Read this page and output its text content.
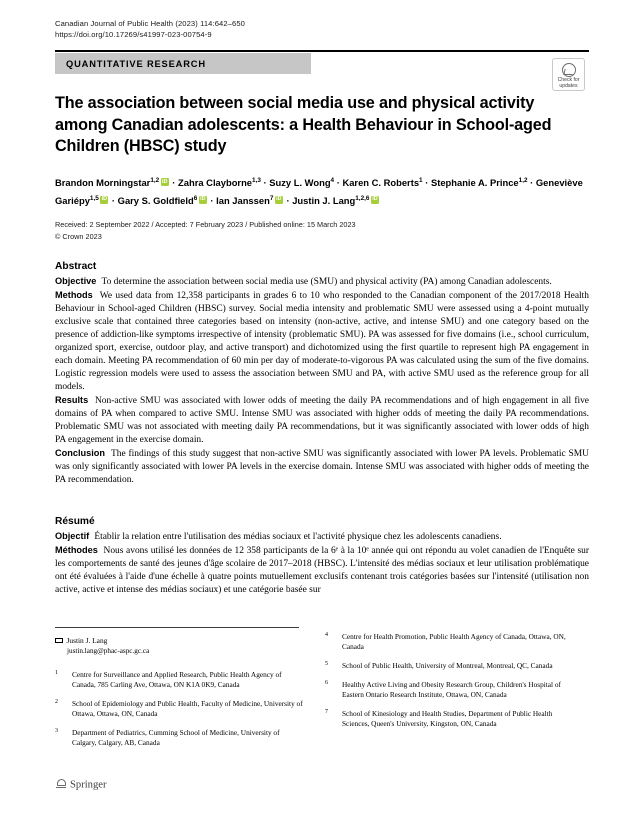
Canadian Journal of Public Health (2023) 114:642–650
https://doi.org/10.17269/s41997-023-00754-9
QUANTITATIVE RESEARCH
Check for
updates
The association between social media use and physical activity among Canadian adolescents: a Health Behaviour in School-aged Children (HBSC) study
Brandon Morningstar$^{1,2}$iD · Zahra Clayborne$^{1,3}$ · Suzy L. Wong$^4$ · Karen C. Roberts$^1$ · Stephanie A. Prince$^{1,2}$ · Geneviève Gariépy$^{1,5}$iD · Gary S. Goldfield$^6$iD · Ian Janssen$^7$iD · Justin J. Lang$^{1,2,6}$iD
Received: 2 September 2022 / Accepted: 7 February 2023 / Published online: 15 March 2023
© Crown 2023
Abstract

Objective To determine the association between social media use (SMU) and physical activity (PA) among Canadian adolescents.

Methods We used data from 12,358 participants in grades 6 to 10 who responded to the Canadian component of the 2017/2018 Health Behaviour in School-aged Children (HBSC) survey. Social media intensity and problematic SMU were assessed using a 4-point mutually exclusive scale that contained three categories based on intensity (non-active, active, and intense SMU) and one category based on the presence of addiction-like symptoms irrespective of intensity (problematic SMU). PA was assessed for five domains (i.e., school curriculum, organized sport, exercise, outdoor play, and active transport) and dichotomized using the first quartile to represent high PA engagement in each domain. Meeting PA recommendation of 60 min per day of moderate-to-vigorous PA was calculated using the sum of the five domains. Logistic regression models were used to assess the association between SMU and PA, with active SMU used as the reference group for all models.

Results Non-active SMU was associated with lower odds of meeting the daily PA recommendations and of high engagement in all five domains of PA when compared to active SMU. Intense SMU was associated with higher odds of meeting the daily PA recommendations. Problematic SMU was not associated with meeting daily PA recommendations, but it was significantly associated with lower odds of high PA engagement in the exercise domain.

Conclusion The findings of this study suggest that non-active SMU was significantly associated with lower PA levels. Problematic SMU was only significantly associated with lower PA levels in the exercise domain. Intense SMU was associated with higher odds of meeting the PA recommendation.

Résumé

Objectif Établir la relation entre l'utilisation des médias sociaux et l'activité physique chez les adolescents canadiens.

Méthodes Nous avons utilisé les données de 12 358 participants de la 6ᵉ à la 10ᵉ année qui ont répondu au volet canadien de l'Enquête sur les comportements de santé des jeunes d'âge scolaire de 2017–2018 (HBSC). L'intensité des médias sociaux et leur utilisation problématique ont été évaluées à l'aide d'une échelle à quatre points mutuellement exclusifs contenant trois catégories basées sur l'intensité (utilisation non active, active et intense des médias sociaux) et une catégorie basée sur

Justin J. Lang
justin.lang@phac-aspc.gc.ca
1 Centre for Surveillance and Applied Research, Public Health Agency of Canada, 785 Carling Ave, Ottawa, ON K1A 0K9, Canada
2 School of Epidemiology and Public Health, Faculty of Medicine, University of Ottawa, Ottawa, ON, Canada
3 Department of Pediatrics, Cumming School of Medicine, University of Calgary, Calgary, AB, Canada
4 Centre for Health Promotion, Public Health Agency of Canada, Ottawa, ON, Canada
5 School of Public Health, University of Montreal, Montreal, QC, Canada
6 Healthy Active Living and Obesity Research Group, Children's Hospital of Eastern Ontario Research Institute, Ottawa, ON, Canada
7 School of Kinesiology and Health Studies, Department of Public Health Sciences, Queen's University, Kingston, ON, Canada
Springer
